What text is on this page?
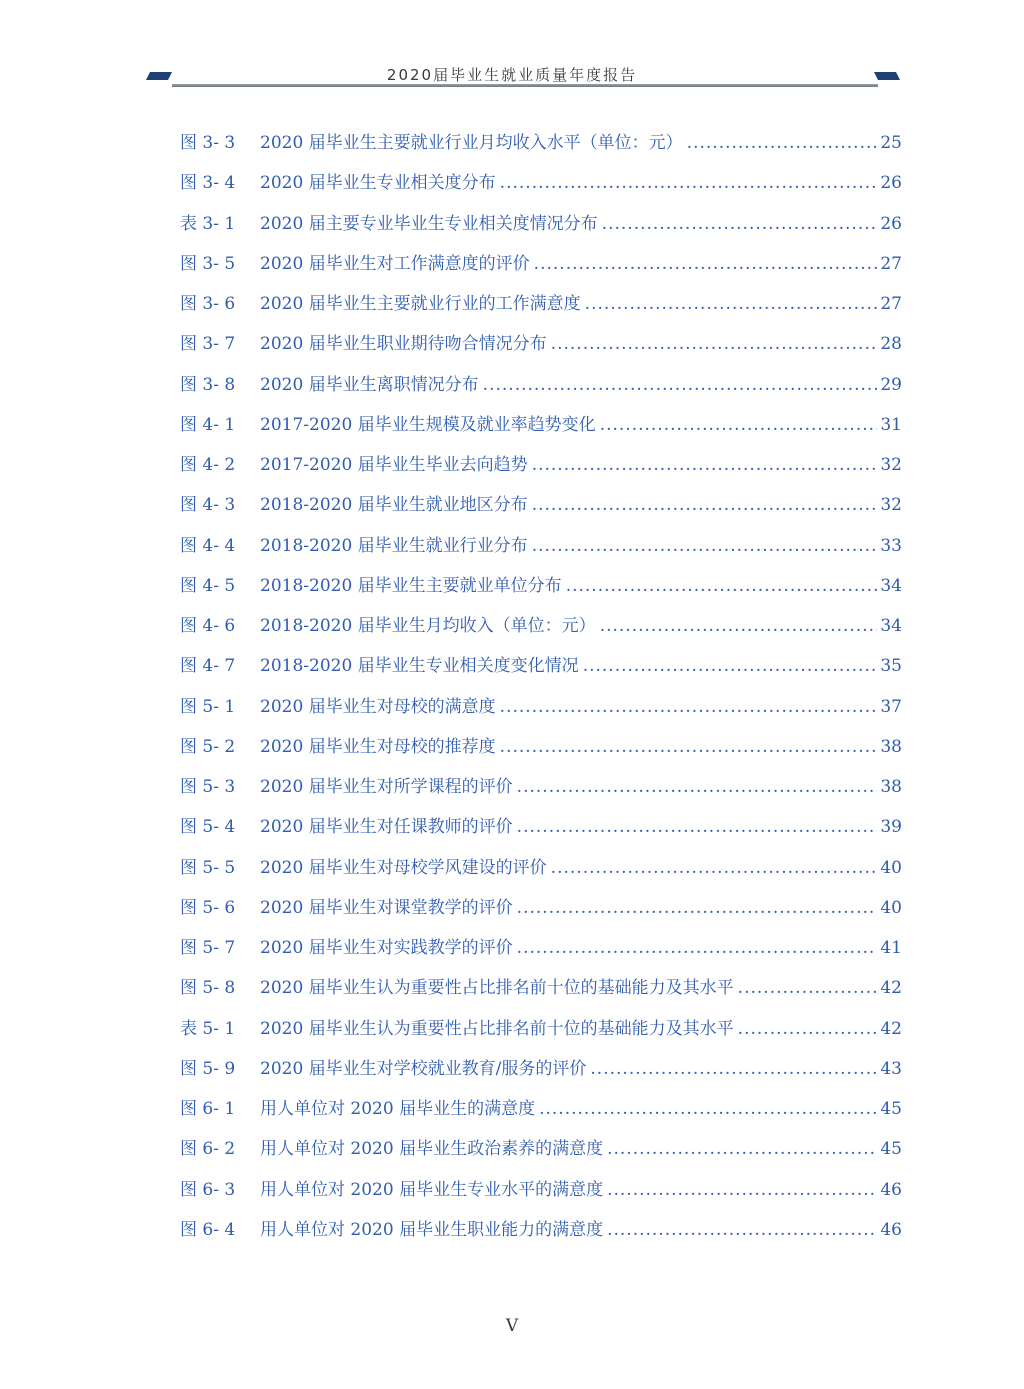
2020届毕业生就业质量年度报告
图 3- 3	2020 届毕业生主要就业行业月均收入水平（单位：元） .....	25
图 3- 4	2020 届毕业生专业相关度分布 .....	26
表 3- 1	2020 届主要专业毕业生专业相关度情况分布 .....	26
图 3- 5	2020 届毕业生对工作满意度的评价 .....	27
图 3- 6	2020 届毕业生主要就业行业的工作满意度 .....	27
图 3- 7	2020 届毕业生职业期待吻合情况分布 .....	28
图 3- 8	2020 届毕业生离职情况分布 .....	29
图 4- 1	2017-2020 届毕业生规模及就业率趋势变化 .....	31
图 4- 2	2017-2020 届毕业生毕业去向趋势 .....	32
图 4- 3	2018-2020 届毕业生就业地区分布 .....	32
图 4- 4	2018-2020 届毕业生就业行业分布 .....	33
图 4- 5	2018-2020 届毕业生主要就业单位分布 .....	34
图 4- 6	2018-2020 届毕业生月均收入（单位：元） .....	34
图 4- 7	2018-2020 届毕业生专业相关度变化情况 .....	35
图 5- 1	2020 届毕业生对母校的满意度 .....	37
图 5- 2	2020 届毕业生对母校的推荐度 .....	38
图 5- 3	2020 届毕业生对所学课程的评价 .....	38
图 5- 4	2020 届毕业生对任课教师的评价 .....	39
图 5- 5	2020 届毕业生对母校学风建设的评价 .....	40
图 5- 6	2020 届毕业生对课堂教学的评价 .....	40
图 5- 7	2020 届毕业生对实践教学的评价 .....	41
图 5- 8	2020 届毕业生认为重要性占比排名前十位的基础能力及其水平 .....	42
表 5- 1	2020 届毕业生认为重要性占比排名前十位的基础能力及其水平 .....	42
图 5- 9	2020 届毕业生对学校就业教育/服务的评价 .....	43
图 6- 1	用人单位对 2020 届毕业生的满意度 .....	45
图 6- 2	用人单位对 2020 届毕业生政治素养的满意度 .....	45
图 6- 3	用人单位对 2020 届毕业生专业水平的满意度 .....	46
图 6- 4	用人单位对 2020 届毕业生职业能力的满意度 .....	46
V
